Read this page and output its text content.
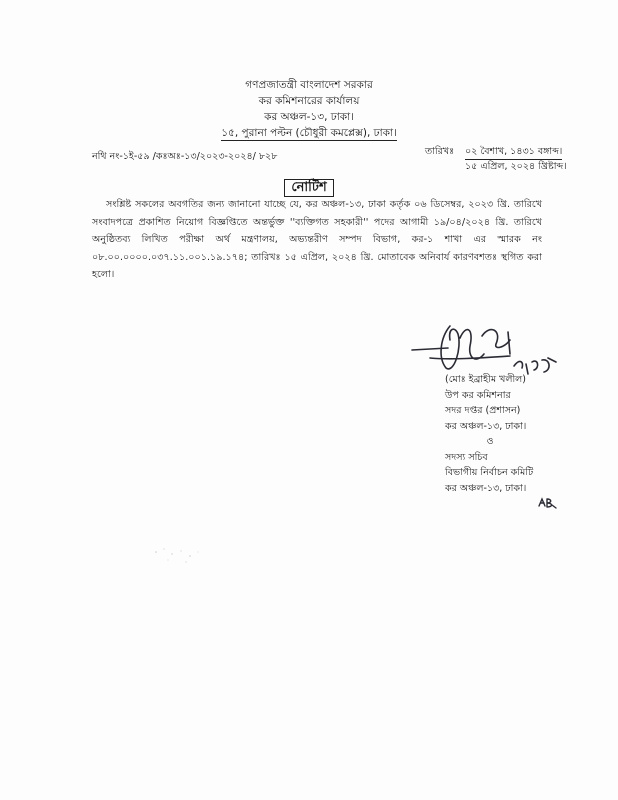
গণপ্রজাতন্ত্রী বাংলাদেশ সরকার
কর কমিশনারের কার্যালয়
কর অঞ্চল-১৩, ঢাকা।
১৫, পুরানা পল্টন (চৌধুরী কমপ্লেক্স), ঢাকা।
নথি নং-১ই-৫৯ /কঃঅঃ-১৩/২০২৩-২০২৪/ ৮২৮	তারিখঃ ০২ বৈশাখ, ১৪৩১ বঙ্গাব্দ।
১৫ এপ্রিল, ২০২৪ খ্রিষ্টাব্দ।
নোটিশ
সংশ্লিষ্ট সকলের অবগতির জন্য জানানো যাচ্ছে যে, কর অঞ্চল-১৩, ঢাকা কর্তৃক ০৬ ডিসেম্বর, ২০২৩ খ্রি. তারিখে সংবাদপত্রে প্রকাশিত নিয়োগ বিজ্ঞপ্তিতে অন্তর্ভুক্ত ''ব্যক্তিগত সহকারী'' পদের আগামী ১৯/০৪/২০২৪ খ্রি. তারিখে অনুষ্ঠিতব্য লিখিত পরীক্ষা অর্থ মন্ত্রণালয়, অভ্যন্তরীণ সম্পদ বিভাগ, কর-১ শাখা এর স্মারক নং ০৮.০০.০০০০.০৩৭.১১.০০১.১৯.১৭৪; তারিখঃ ১৫ এপ্রিল, ২০২৪ খ্রি. মোতাবেক অনিবার্য কারণবশতঃ স্থগিত করা হলো।
(মোঃ ইব্রাহীম খলীল)
উপ কর কমিশনার
সদর দপ্তর (প্রশাসন)
কর অঞ্চল-১৩, ঢাকা।
ও
সদস্য সচিব
বিভাগীয় নির্বাচন কমিটি
কর অঞ্চল-১৩, ঢাকা।
